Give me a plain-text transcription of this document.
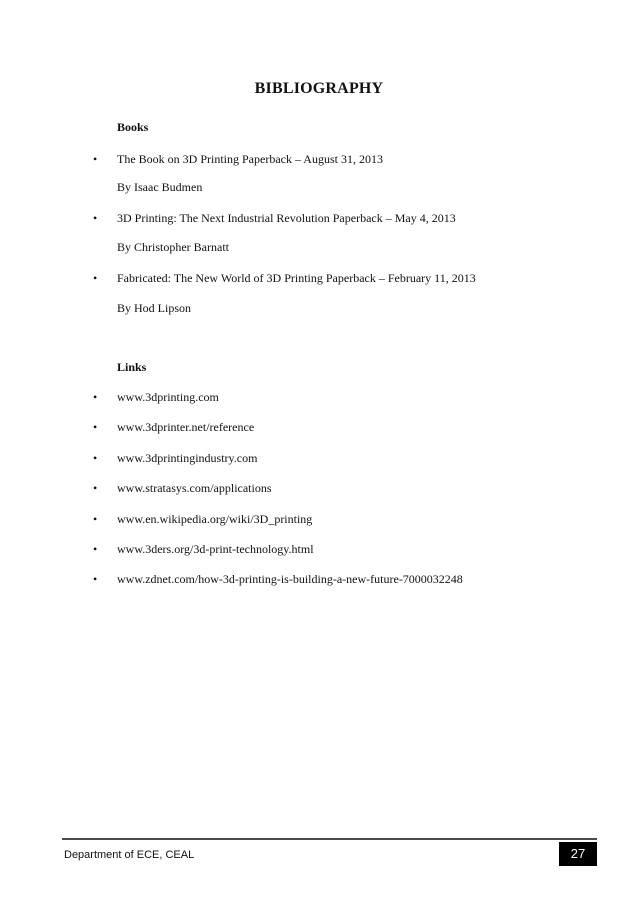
BIBLIOGRAPHY

Books

• The Book on 3D Printing Paperback – August 31, 2013
By Isaac Budmen
• 3D Printing: The Next Industrial Revolution Paperback – May 4, 2013
By Christopher Barnatt
• Fabricated: The New World of 3D Printing Paperback – February 11, 2013
By Hod Lipson

Links

• www.3dprinting.com
• www.3dprinter.net/reference
• www.3dprintingindustry.com
• www.stratasys.com/applications
• www.en.wikipedia.org/wiki/3D_printing
• www.3ders.org/3d-print-technology.html
• www.zdnet.com/how-3d-printing-is-building-a-new-future-7000032248
Department of ECE, CEAL	27
